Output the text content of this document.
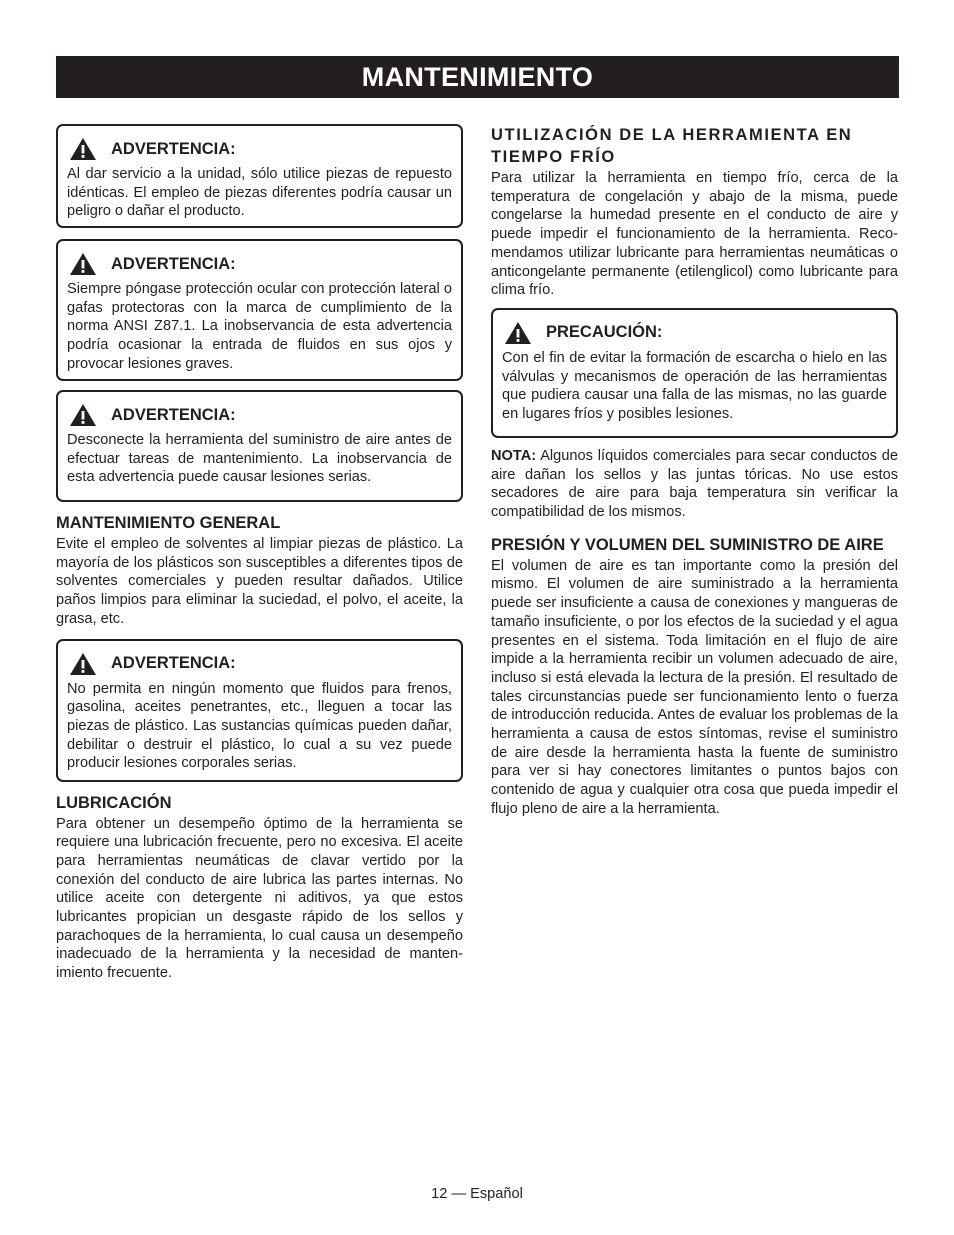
MANTENIMIENTO
ADVERTENCIA:
Al dar servicio a la unidad, sólo utilice piezas de repuesto idénticas. El empleo de piezas diferentes podría causar un peligro o dañar el producto.
ADVERTENCIA:
Siempre póngase protección ocular con protección lateral o gafas protectoras con la marca de cumplimiento de la norma ANSI Z87.1. La inobservancia de esta advertencia podría ocasionar la entrada de fluidos en sus ojos y provocar lesiones graves.
ADVERTENCIA:
Desconecte la herramienta del suministro de aire antes de efectuar tareas de mantenimiento. La inobservancia de esta advertencia puede causar lesiones serias.
MANTENIMIENTO GENERAL

Evite el empleo de solventes al limpiar piezas de plástico. La mayoría de los plásticos son susceptibles a diferentes tipos de solventes comerciales y pueden resultar dañados. Utilice paños limpios para eliminar la suciedad, el polvo, el aceite, la grasa, etc.

ADVERTENCIA:
No permita en ningún momento que fluidos para frenos, gasolina, aceites penetrantes, etc., lleguen a tocar las piezas de plástico. Las sustancias químicas pueden dañar, debilitar o destruir el plástico, lo cual a su vez puede producir lesiones corporales serias.
LUBRICACIÓN

Para obtener un desempeño óptimo de la herramienta se requiere una lubricación frecuente, pero no excesiva. El aceite para herramientas neumáticas de clavar vertido por la conexión del conducto de aire lubrica las partes internas. No utilice aceite con detergente ni aditivos, ya que estos lubricantes propician un desgaste rápido de los sellos y parachoques de la herramienta, lo cual causa un desempeño inadecuado de la herramienta y la necesidad de manten-imiento frecuente.

UTILIZACIÓN DE LA HERRAMIENTA EN TIEMPO FRÍO

Para utilizar la herramienta en tiempo frío, cerca de la temperatura de congelación y abajo de la misma, puede congelarse la humedad presente en el conducto de aire y puede impedir el funcionamiento de la herramienta. Reco-mendamos utilizar lubricante para herramientas neumáticas o anticongelante permanente (etilenglicol) como lubricante para clima frío.

PRECAUCIÓN:
Con el fin de evitar la formación de escarcha o hielo en las válvulas y mecanismos de operación de las herramientas que pudiera causar una falla de las mismas, no las guarde en lugares fríos y posibles lesiones.

NOTA: Algunos líquidos comerciales para secar conductos de aire dañan los sellos y las juntas tóricas. No use estos secadores de aire para baja temperatura sin verificar la compatibilidad de los mismos.

PRESIÓN Y VOLUMEN DEL SUMINISTRO DE AIRE

El volumen de aire es tan importante como la presión del mismo. El volumen de aire suministrado a la herramienta puede ser insuficiente a causa de conexiones y mangueras de tamaño insuficiente, o por los efectos de la suciedad y el agua presentes en el sistema. Toda limitación en el flujo de aire impide a la herramienta recibir un volumen adecuado de aire, incluso si está elevada la lectura de la presión. El resultado de tales circunstancias puede ser funcionamiento lento o fuerza de introducción reducida. Antes de evaluar los problemas de la herramienta a causa de estos síntomas, revise el suministro de aire desde la herramienta hasta la fuente de suministro para ver si hay conectores limitantes o puntos bajos con contenido de agua y cualquier otra cosa que pueda impedir el flujo pleno de aire a la herramienta.

12 — Español
